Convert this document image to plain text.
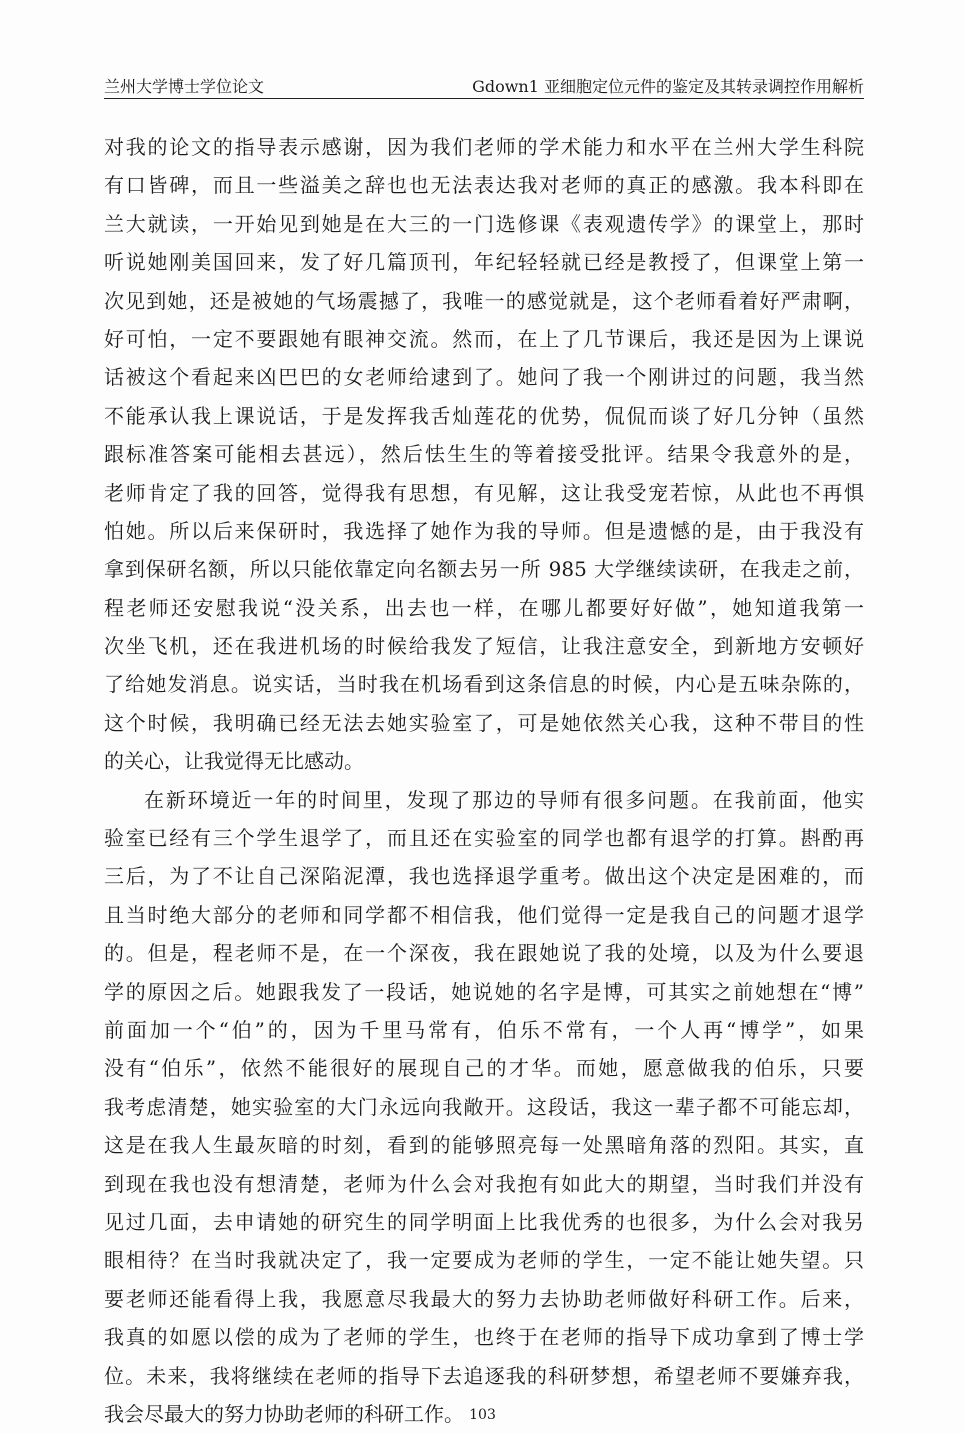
兰州大学博士学位论文	Gdown1 亚细胞定位元件的鉴定及其转录调控作用解析
对我的论文的指导表示感谢，因为我们老师的学术能力和水平在兰州大学生科院
有口皆碑，而且一些溢美之辞也也无法表达我对老师的真正的感激。我本科即在
兰大就读，一开始见到她是在大三的一门选修课《表观遗传学》的课堂上，那时
听说她刚美国回来，发了好几篇顶刊，年纪轻轻就已经是教授了，但课堂上第一
次见到她，还是被她的气场震撼了，我唯一的感觉就是，这个老师看着好严肃啊，
好可怕，一定不要跟她有眼神交流。然而，在上了几节课后，我还是因为上课说
话被这个看起来凶巴巴的女老师给逮到了。她问了我一个刚讲过的问题，我当然
不能承认我上课说话，于是发挥我舌灿莲花的优势，侃侃而谈了好几分钟（虽然
跟标准答案可能相去甚远），然后怯生生的等着接受批评。结果令我意外的是，
老师肯定了我的回答，觉得我有思想，有见解，这让我受宠若惊，从此也不再惧
怕她。所以后来保研时，我选择了她作为我的导师。但是遗憾的是，由于我没有
拿到保研名额，所以只能依靠定向名额去另一所 985 大学继续读研，在我走之前，
程老师还安慰我说“没关系，出去也一样，在哪儿都要好好做”，她知道我第一
次坐飞机，还在我进机场的时候给我发了短信，让我注意安全，到新地方安顿好
了给她发消息。说实话，当时我在机场看到这条信息的时候，内心是五味杂陈的，
这个时候，我明确已经无法去她实验室了，可是她依然关心我，这种不带目的性
的关心，让我觉得无比感动。
在新环境近一年的时间里，发现了那边的导师有很多问题。在我前面，他实
验室已经有三个学生退学了，而且还在实验室的同学也都有退学的打算。斟酌再
三后，为了不让自己深陷泥潭，我也选择退学重考。做出这个决定是困难的，而
且当时绝大部分的老师和同学都不相信我，他们觉得一定是我自己的问题才退学
的。但是，程老师不是，在一个深夜，我在跟她说了我的处境，以及为什么要退
学的原因之后。她跟我发了一段话，她说她的名字是博，可其实之前她想在“博”
前面加一个“伯”的，因为千里马常有，伯乐不常有，一个人再“博学”，如果
没有“伯乐”，依然不能很好的展现自己的才华。而她，愿意做我的伯乐，只要
我考虑清楚，她实验室的大门永远向我敞开。这段话，我这一辈子都不可能忘却，
这是在我人生最灰暗的时刻，看到的能够照亮每一处黑暗角落的烈阳。其实，直
到现在我也没有想清楚，老师为什么会对我抱有如此大的期望，当时我们并没有
见过几面，去申请她的研究生的同学明面上比我优秀的也很多，为什么会对我另
眼相待？在当时我就决定了，我一定要成为老师的学生，一定不能让她失望。只
要老师还能看得上我，我愿意尽我最大的努力去协助老师做好科研工作。后来，
我真的如愿以偿的成为了老师的学生，也终于在老师的指导下成功拿到了博士学
位。未来，我将继续在老师的指导下去追逐我的科研梦想，希望老师不要嫌弃我，
我会尽最大的努力协助老师的科研工作。 103
